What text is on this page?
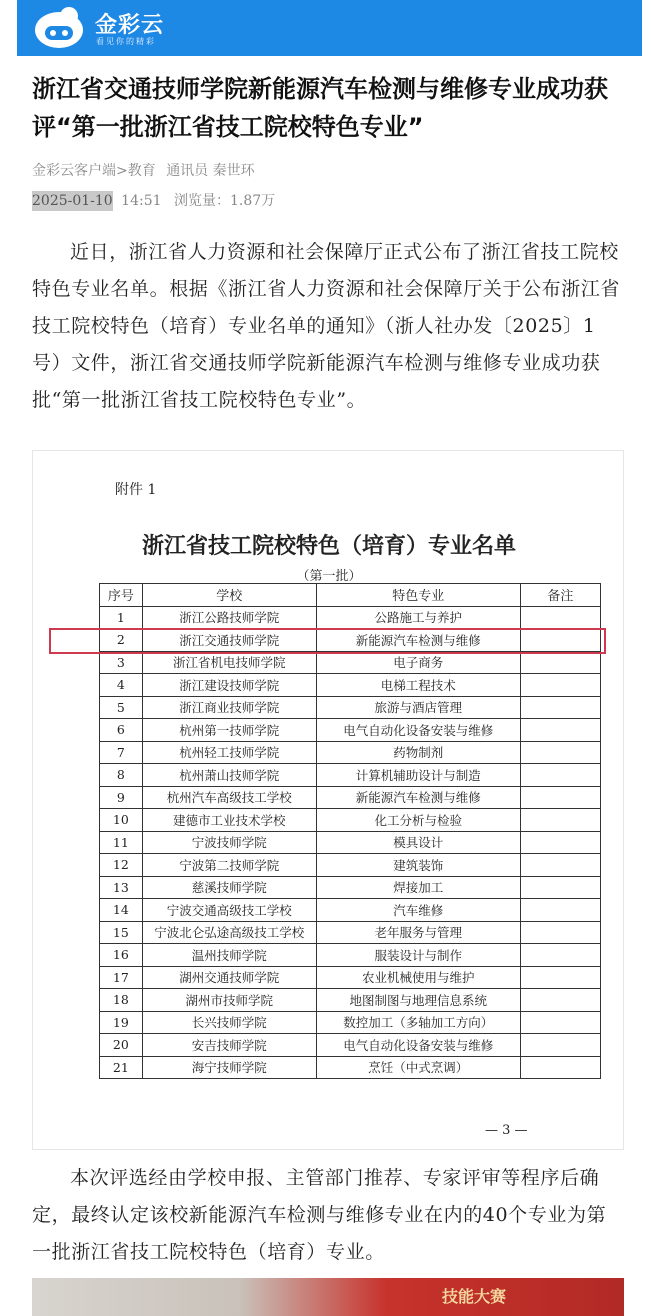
金彩云
看见你的精彩
浙江省交通技师学院新能源汽车检测与维修专业成功获评“第一批浙江省技工院校特色专业”
金彩云客户端>教育 通讯员 秦世环
2025-01-10 14:51 浏览量：1.87万

近日，浙江省人力资源和社会保障厅正式公布了浙江省技工院校特色专业名单。根据《浙江省人力资源和社会保障厅关于公布浙江省技工院校特色（培育）专业名单的通知》（浙人社办发〔2025〕1号）文件，浙江省交通技师学院新能源汽车检测与维修专业成功获批“第一批浙江省技工院校特色专业”。

附件 1
浙江省技工院校特色（培育）专业名单
（第一批）
序号	学校	特色专业	备注
1	浙江公路技师学院	公路施工与养护	
2	浙江交通技师学院	新能源汽车检测与维修	
3	浙江省机电技师学院	电子商务	
4	浙江建设技师学院	电梯工程技术	
5	浙江商业技师学院	旅游与酒店管理	
6	杭州第一技师学院	电气自动化设备安装与维修	
7	杭州轻工技师学院	药物制剂	
8	杭州萧山技师学院	计算机辅助设计与制造	
9	杭州汽车高级技工学校	新能源汽车检测与维修	
10	建德市工业技术学校	化工分析与检验	
11	宁波技师学院	模具设计	
12	宁波第二技师学院	建筑装饰	
13	慈溪技师学院	焊接加工	
14	宁波交通高级技工学校	汽车维修	
15	宁波北仑弘途高级技工学校	老年服务与管理	
16	温州技师学院	服装设计与制作	
17	湖州交通技师学院	农业机械使用与维护	
18	湖州市技师学院	地图制图与地理信息系统	
19	长兴技师学院	数控加工（多轴加工方向）	
20	安吉技师学院	电气自动化设备安装与维修	
21	海宁技师学院	烹饪（中式烹调）	
— 3 —

本次评选经由学校申报、主管部门推荐、专家评审等程序后确定，最终认定该校新能源汽车检测与维修专业在内的40个专业为第一批浙江省技工院校特色（培育）专业。

技能大赛
